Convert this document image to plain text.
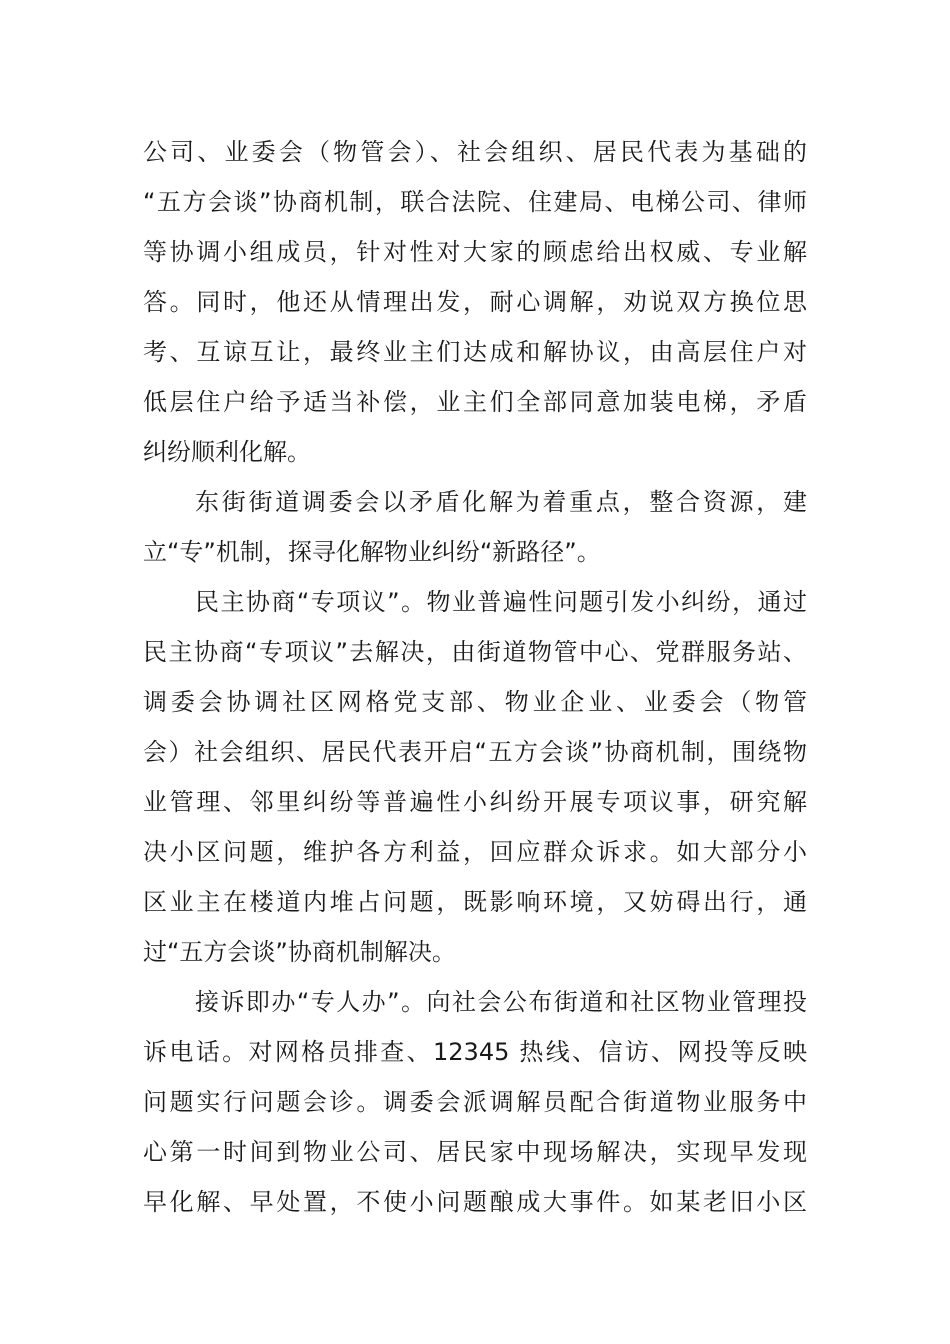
公司、业委会（物管会）、社会组织、居民代表为基础的
“五方会谈”协商机制，联合法院、住建局、电梯公司、律师
等协调小组成员，针对性对大家的顾虑给出权威、专业解
答。同时，他还从情理出发，耐心调解，劝说双方换位思
考、互谅互让，最终业主们达成和解协议，由高层住户对
低层住户给予适当补偿，业主们全部同意加装电梯，矛盾
纠纷顺利化解。
东街街道调委会以矛盾化解为着重点，整合资源，建
立“专”机制，探寻化解物业纠纷“新路径”。
民主协商“专项议”。物业普遍性问题引发小纠纷，通过
民主协商“专项议”去解决，由街道物管中心、党群服务站、
调委会协调社区网格党支部、物业企业、业委会（物管
会）社会组织、居民代表开启“五方会谈”协商机制，围绕物
业管理、邻里纠纷等普遍性小纠纷开展专项议事，研究解
决小区问题，维护各方利益，回应群众诉求。如大部分小
区业主在楼道内堆占问题，既影响环境，又妨碍出行，通
过“五方会谈”协商机制解决。
接诉即办“专人办”。向社会公布街道和社区物业管理投
诉电话。对网格员排查、12345 热线、信访、网投等反映
问题实行问题会诊。调委会派调解员配合街道物业服务中
心第一时间到物业公司、居民家中现场解决，实现早发现
早化解、早处置，不使小问题酿成大事件。如某老旧小区
